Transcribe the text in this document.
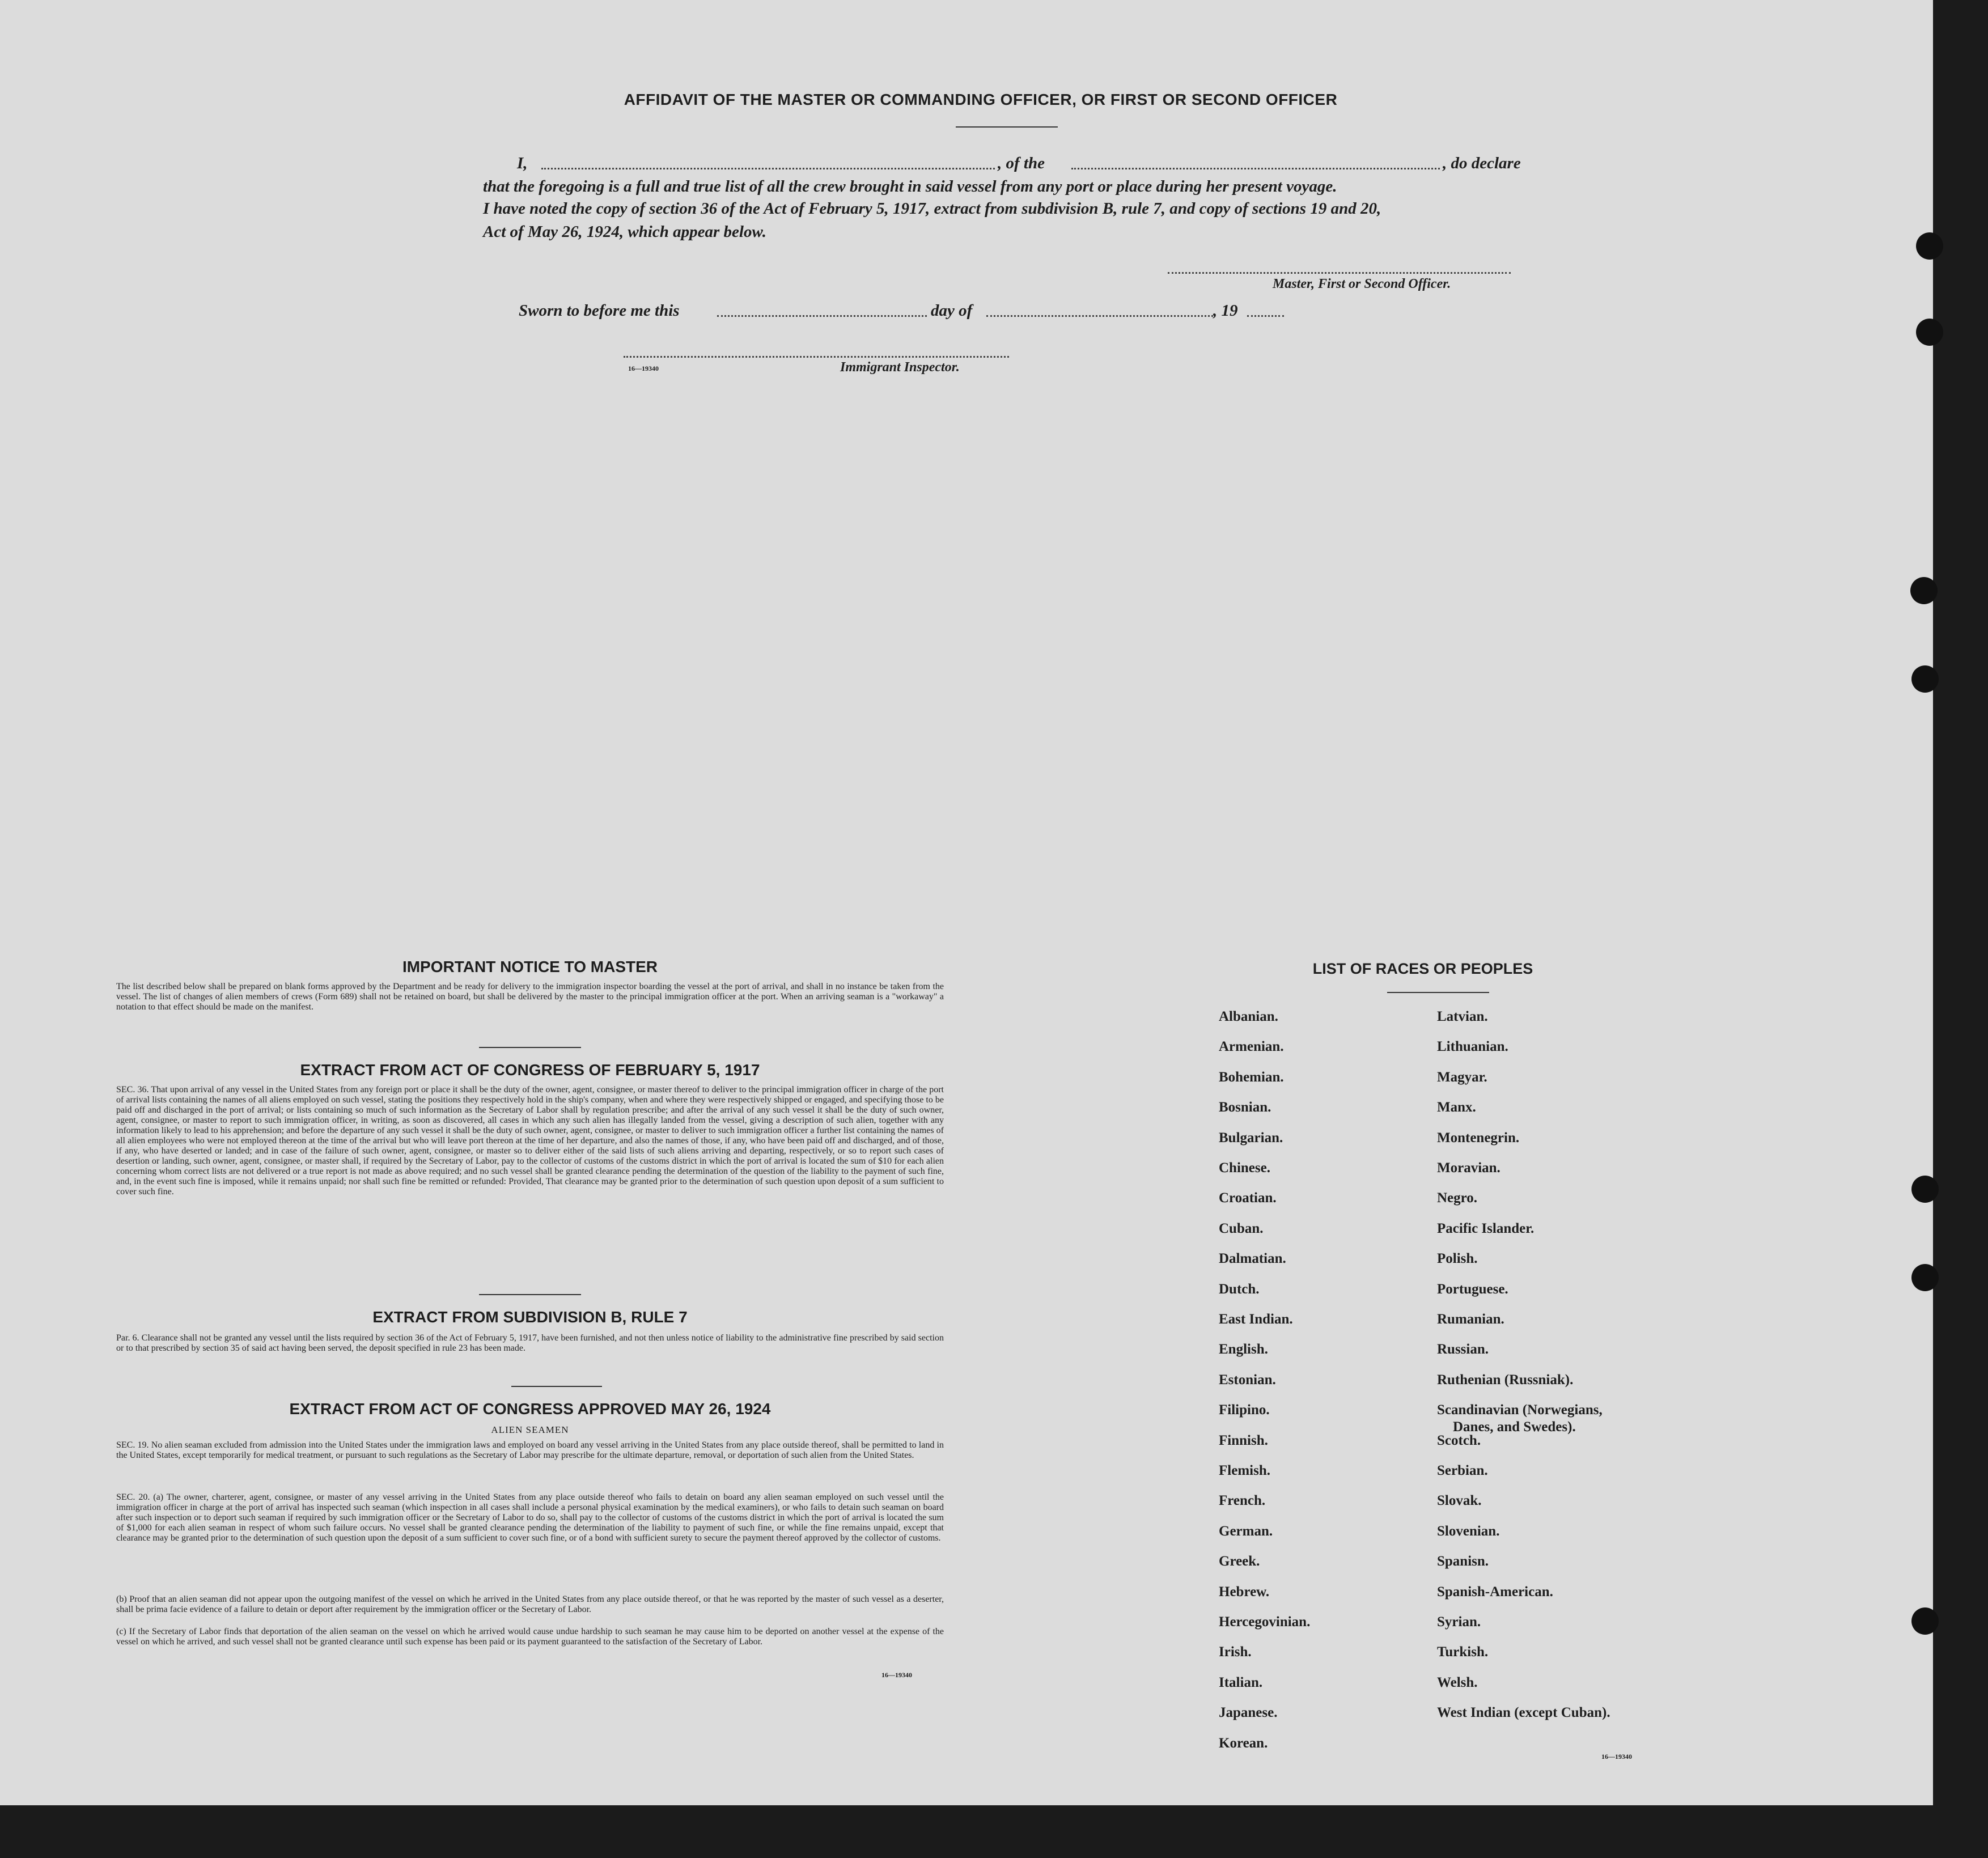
AFFIDAVIT OF THE MASTER OR COMMANDING OFFICER, OR FIRST OR SECOND OFFICER
I,	, of the	, do declare
that the foregoing is a full and true list of all the crew brought in said vessel from any port or place during her present voyage.
I have noted the copy of section 36 of the Act of February 5, 1917, extract from subdivision B, rule 7, and copy of sections 19 and 20,
Act of May 26, 1924, which appear below.
Master, First or Second Officer.
Sworn to before me this	day of	, 19
16—19340	Immigrant Inspector.
IMPORTANT NOTICE TO MASTER

The list described below shall be prepared on blank forms approved by the Department and be ready for delivery to the immigration inspector boarding the vessel at the port of arrival, and shall in no instance be taken from the vessel. The list of changes of alien members of crews (Form 689) shall not be retained on board, but shall be delivered by the master to the principal immigration officer at the port. When an arriving seaman is a "workaway" a notation to that effect should be made on the manifest.

EXTRACT FROM ACT OF CONGRESS OF FEBRUARY 5, 1917

SEC. 36. That upon arrival of any vessel in the United States from any foreign port or place it shall be the duty of the owner, agent, consignee, or master thereof to deliver to the principal immigration officer in charge of the port of arrival lists containing the names of all aliens employed on such vessel, stating the positions they respectively hold in the ship's company, when and where they were respectively shipped or engaged, and specifying those to be paid off and discharged in the port of arrival; or lists containing so much of such information as the Secretary of Labor shall by regulation prescribe; and after the arrival of any such vessel it shall be the duty of such owner, agent, consignee, or master to report to such immigration officer, in writing, as soon as discovered, all cases in which any such alien has illegally landed from the vessel, giving a description of such alien, together with any information likely to lead to his apprehension; and before the departure of any such vessel it shall be the duty of such owner, agent, consignee, or master to deliver to such immigration officer a further list containing the names of all alien employees who were not employed thereon at the time of the arrival but who will leave port thereon at the time of her departure, and also the names of those, if any, who have been paid off and discharged, and of those, if any, who have deserted or landed; and in case of the failure of such owner, agent, consignee, or master so to deliver either of the said lists of such aliens arriving and departing, respectively, or so to report such cases of desertion or landing, such owner, agent, consignee, or master shall, if required by the Secretary of Labor, pay to the collector of customs of the customs district in which the port of arrival is located the sum of $10 for each alien concerning whom correct lists are not delivered or a true report is not made as above required; and no such vessel shall be granted clearance pending the determination of the question of the liability to the payment of such fine, and, in the event such fine is imposed, while it remains unpaid; nor shall such fine be remitted or refunded: Provided, That clearance may be granted prior to the determination of such question upon deposit of a sum sufficient to cover such fine.

EXTRACT FROM SUBDIVISION B, RULE 7

Par. 6. Clearance shall not be granted any vessel until the lists required by section 36 of the Act of February 5, 1917, have been furnished, and not then unless notice of liability to the administrative fine prescribed by said section or to that prescribed by section 35 of said act having been served, the deposit specified in rule 23 has been made.

EXTRACT FROM ACT OF CONGRESS APPROVED MAY 26, 1924
ALIEN SEAMEN

SEC. 19. No alien seaman excluded from admission into the United States under the immigration laws and employed on board any vessel arriving in the United States from any place outside thereof, shall be permitted to land in the United States, except temporarily for medical treatment, or pursuant to such regulations as the Secretary of Labor may prescribe for the ultimate departure, removal, or deportation of such alien from the United States.

SEC. 20. (a) The owner, charterer, agent, consignee, or master of any vessel arriving in the United States from any place outside thereof who fails to detain on board any alien seaman employed on such vessel until the immigration officer in charge at the port of arrival has inspected such seaman (which inspection in all cases shall include a personal physical examination by the medical examiners), or who fails to detain such seaman on board after such inspection or to deport such seaman if required by such immigration officer or the Secretary of Labor to do so, shall pay to the collector of customs of the customs district in which the port of arrival is located the sum of $1,000 for each alien seaman in respect of whom such failure occurs. No vessel shall be granted clearance pending the determination of the liability to payment of such fine, or while the fine remains unpaid, except that clearance may be granted prior to the determination of such question upon the deposit of a sum sufficient to cover such fine, or of a bond with sufficient surety to secure the payment thereof approved by the collector of customs.

(b) Proof that an alien seaman did not appear upon the outgoing manifest of the vessel on which he arrived in the United States from any place outside thereof, or that he was reported by the master of such vessel as a deserter, shall be prima facie evidence of a failure to detain or deport after requirement by the immigration officer or the Secretary of Labor.

(c) If the Secretary of Labor finds that deportation of the alien seaman on the vessel on which he arrived would cause undue hardship to such seaman he may cause him to be deported on another vessel at the expense of the vessel on which he arrived, and such vessel shall not be granted clearance until such expense has been paid or its payment guaranteed to the satisfaction of the Secretary of Labor.

16—19340
LIST OF RACES OR PEOPLES
16—19340
Albanian.
Armenian.
Bohemian.
Bosnian.
Bulgarian.
Chinese.
Croatian.
Cuban.
Dalmatian.
Dutch.
East Indian.
English.
Estonian.
Filipino.
Finnish.
Flemish.
French.
German.
Greek.
Hebrew.
Hercegovinian.
Irish.
Italian.
Japanese.
Korean.
Latvian.
Lithuanian.
Magyar.
Manx.
Montenegrin.
Moravian.
Negro.
Pacific Islander.
Polish.
Portuguese.
Rumanian.
Russian.
Ruthenian (Russniak).
Scandinavian (Norwegians,
Danes, and Swedes).
Scotch.
Serbian.
Slovak.
Slovenian.
Spanisn.
Spanish-American.
Syrian.
Turkish.
Welsh.
West Indian (except Cuban).
